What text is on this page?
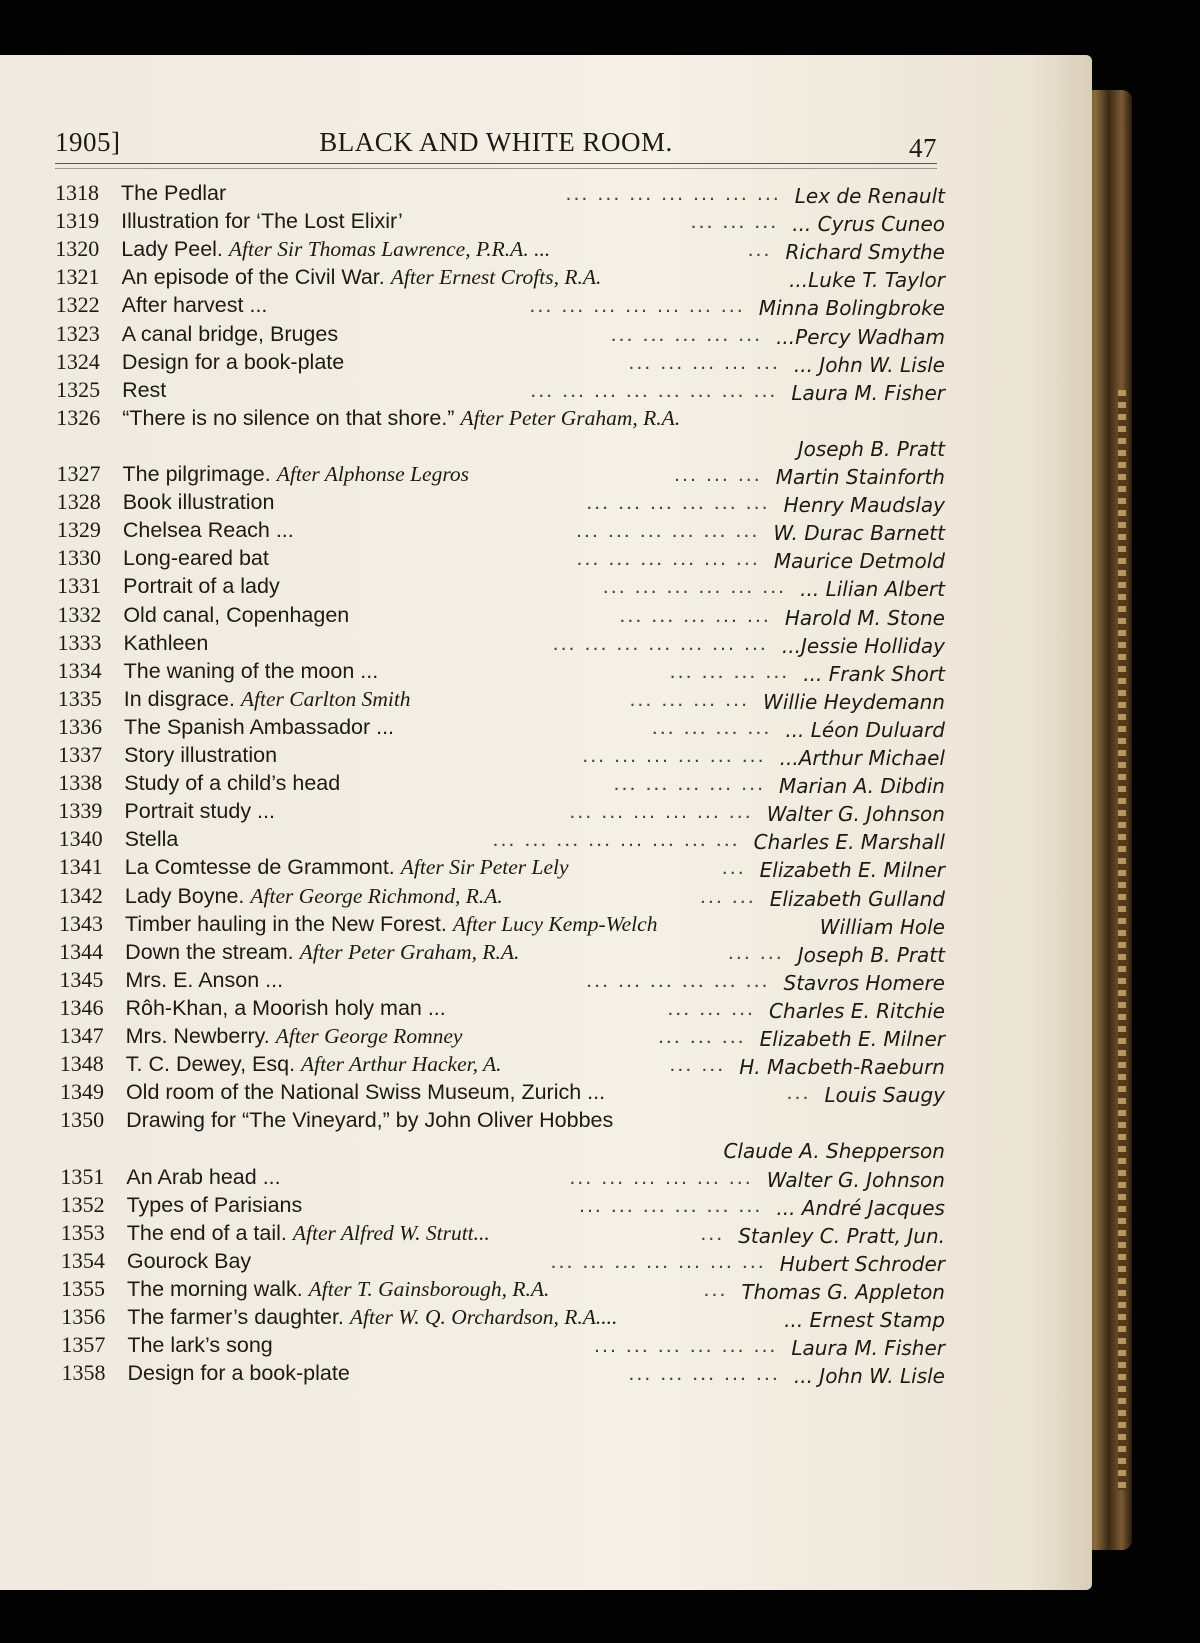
1905]	BLACK AND WHITE ROOM.	47
1318	The Pedlar	Lex de Renault
... ... ... ... ... ... ...
1319	Illustration for ‘The Lost Elixir’	... Cyrus Cuneo
... ... ...
1320	Lady Peel. After Sir Thomas Lawrence, P.R.A. ...	Richard Smythe
...
1321	An episode of the Civil War. After Ernest Crofts, R.A.	...Luke T. Taylor
1322	After harvest ...	Minna Bolingbroke
... ... ... ... ... ... ...
1323	A canal bridge, Bruges	...Percy Wadham
... ... ... ... ...
1324	Design for a book-plate	... John W. Lisle
... ... ... ... ...
1325	Rest	Laura M. Fisher
... ... ... ... ... ... ... ...
1326	“There is no silence on that shore.” After Peter Graham, R.A.
Joseph B. Pratt
1327	The pilgrimage. After Alphonse Legros	Martin Stainforth
... ... ...
1328	Book illustration	Henry Maudslay
... ... ... ... ... ...
1329	Chelsea Reach ...	W. Durac Barnett
... ... ... ... ... ...
1330	Long-eared bat	Maurice Detmold
... ... ... ... ... ...
1331	Portrait of a lady	... Lilian Albert
... ... ... ... ... ...
1332	Old canal, Copenhagen	Harold M. Stone
... ... ... ... ...
1333	Kathleen	...Jessie Holliday
... ... ... ... ... ... ...
1334	The waning of the moon ...	... Frank Short
... ... ... ...
1335	In disgrace. After Carlton Smith	Willie Heydemann
... ... ... ...
1336	The Spanish Ambassador ...	... Léon Duluard
... ... ... ...
1337	Story illustration	...Arthur Michael
... ... ... ... ... ...
1338	Study of a child’s head	Marian A. Dibdin
... ... ... ... ...
1339	Portrait study ...	Walter G. Johnson
... ... ... ... ... ...
1340	Stella	Charles E. Marshall
... ... ... ... ... ... ... ...
1341	La Comtesse de Grammont. After Sir Peter Lely	Elizabeth E. Milner
...
1342	Lady Boyne. After George Richmond, R.A.	Elizabeth Gulland
... ...
1343	Timber hauling in the New Forest. After Lucy Kemp-Welch	William Hole
1344	Down the stream. After Peter Graham, R.A.	Joseph B. Pratt
... ...
1345	Mrs. E. Anson ...	Stavros Homere
... ... ... ... ... ...
1346	Rôh-Khan, a Moorish holy man ...	Charles E. Ritchie
... ... ...
1347	Mrs. Newberry. After George Romney	Elizabeth E. Milner
... ... ...
1348	T. C. Dewey, Esq. After Arthur Hacker, A.	H. Macbeth-Raeburn
... ...
1349	Old room of the National Swiss Museum, Zurich ...	Louis Saugy
...
1350	Drawing for “The Vineyard,” by John Oliver Hobbes
Claude A. Shepperson
1351	An Arab head ...	Walter G. Johnson
... ... ... ... ... ...
1352	Types of Parisians	... André Jacques
... ... ... ... ... ...
1353	The end of a tail. After Alfred W. Strutt...	Stanley C. Pratt, Jun.
...
1354	Gourock Bay	Hubert Schroder
... ... ... ... ... ... ...
1355	The morning walk. After T. Gainsborough, R.A.	Thomas G. Appleton
...
1356	The farmer’s daughter. After W. Q. Orchardson, R.A....	... Ernest Stamp
1357	The lark’s song	Laura M. Fisher
... ... ... ... ... ...
1358	Design for a book-plate	... John W. Lisle
... ... ... ... ...
